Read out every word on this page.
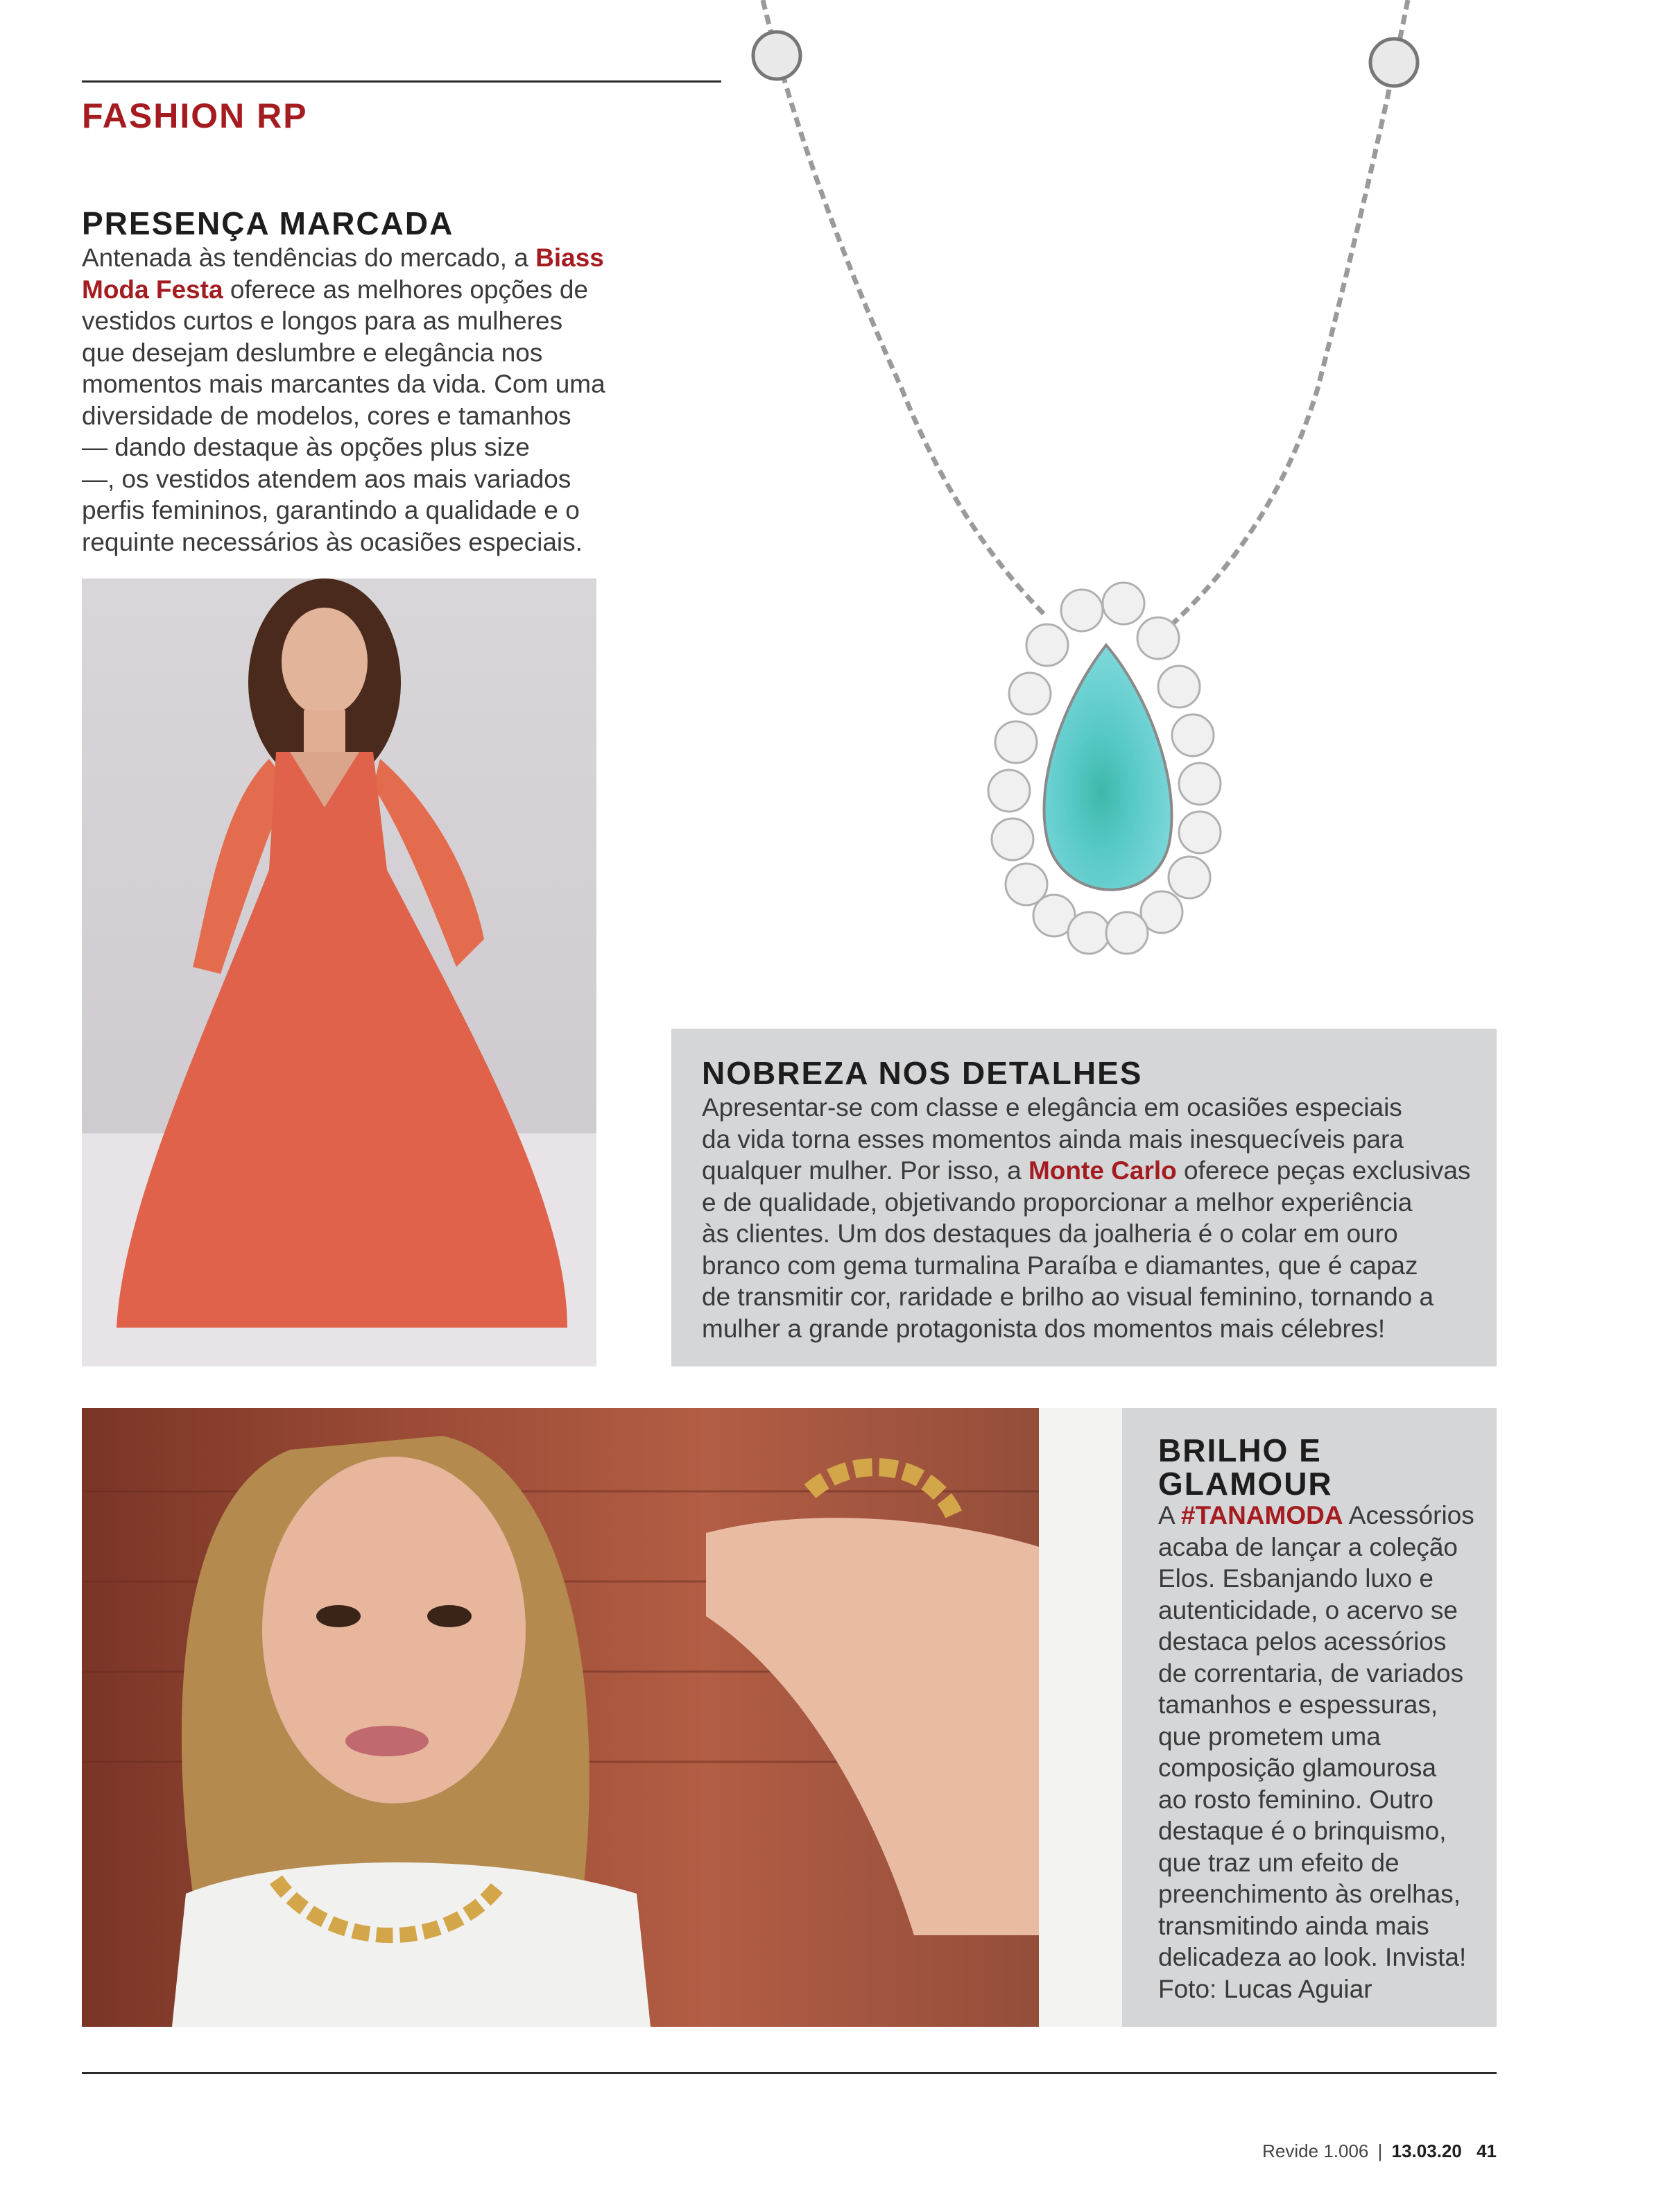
FASHION RP
PRESENÇA MARCADA

Antenada às tendências do mercado, a Biass

Moda Festa oferece as melhores opções de

vestidos curtos e longos para as mulheres

que desejam deslumbre e elegância nos

momentos mais marcantes da vida. Com uma

diversidade de modelos, cores e tamanhos

— dando destaque às opções plus size

—, os vestidos atendem aos mais variados

perfis femininos, garantindo a qualidade e o

requinte necessários às ocasiões especiais.

NOBREZA NOS DETALHES

Apresentar-se com classe e elegância em ocasiões especiais

da vida torna esses momentos ainda mais inesquecíveis para

qualquer mulher. Por isso, a Monte Carlo oferece peças exclusivas

e de qualidade, objetivando proporcionar a melhor experiência

às clientes. Um dos destaques da joalheria é o colar em ouro

branco com gema turmalina Paraíba e diamantes, que é capaz

de transmitir cor, raridade e brilho ao visual feminino, tornando a

mulher a grande protagonista dos momentos mais célebres!

BRILHO E
GLAMOUR

A #TANAMODA Acessórios

acaba de lançar a coleção

Elos. Esbanjando luxo e

autenticidade, o acervo se

destaca pelos acessórios

de correntaria, de variados

tamanhos e espessuras,

que prometem uma

composição glamourosa

ao rosto feminino. Outro

destaque é o brinquismo,

que traz um efeito de

preenchimento às orelhas,

transmitindo ainda mais

delicadeza ao look. Invista!

Foto: Lucas Aguiar

Revide 1.006 | 13.03.20 41
